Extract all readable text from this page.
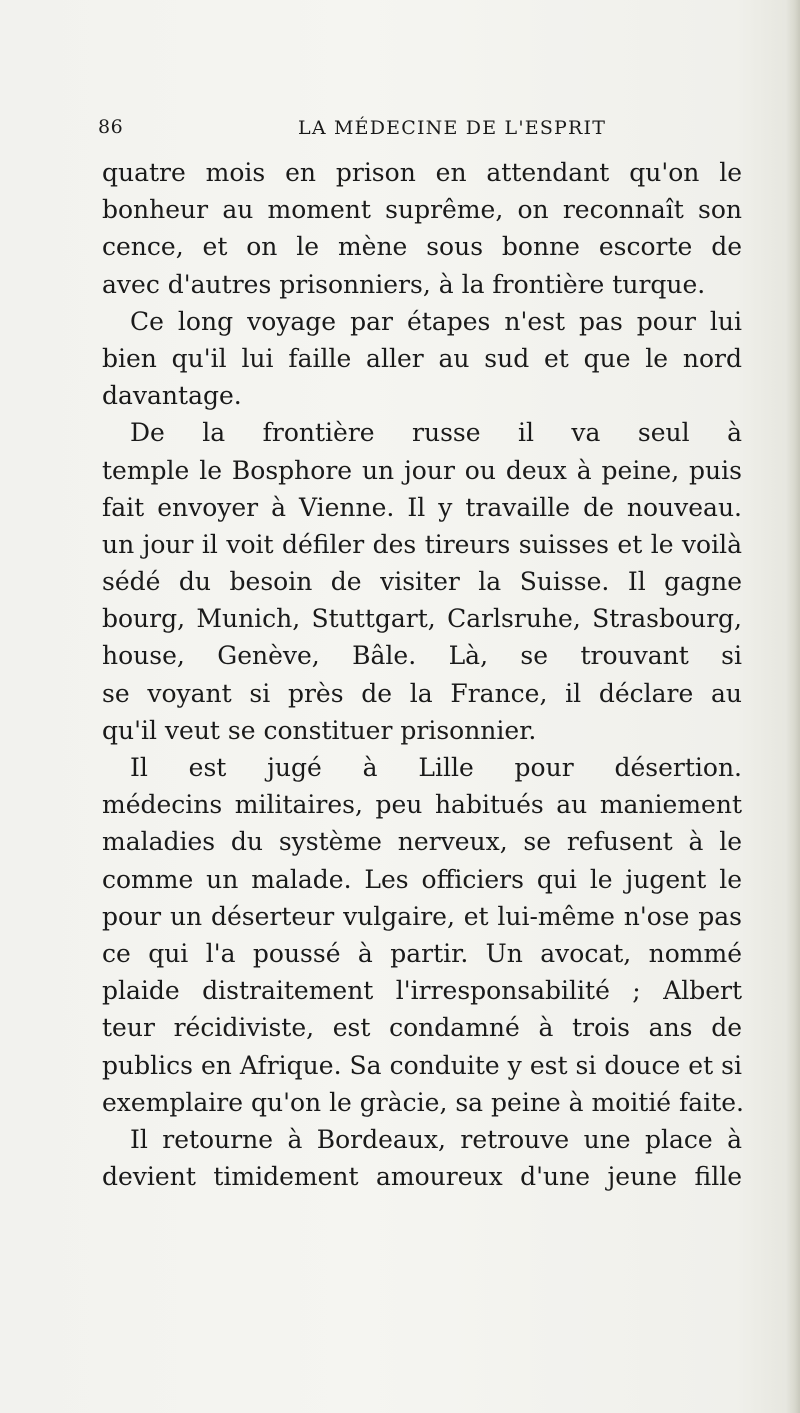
86	LA MÉDECINE DE L'ESPRIT
quatre mois en prison en attendant qu'on le
bonheur au moment suprême, on reconnaît son
cence, et on le mène sous bonne escorte de
avec d'autres prisonniers, à la frontière turque.
Ce long voyage par étapes n'est pas pour lui
bien qu'il lui faille aller au sud et que le nord
davantage.
De la frontière russe il va seul à
temple le Bosphore un jour ou deux à peine, puis
fait envoyer à Vienne. Il y travaille de nouveau.
un jour il voit défiler des tireurs suisses et le voilà
sédé du besoin de visiter la Suisse. Il gagne
bourg, Munich, Stuttgart, Carlsruhe, Strasbourg,
house, Genève, Bâle. Là, se trouvant si
se voyant si près de la France, il déclare au
qu'il veut se constituer prisonnier.
Il est jugé à Lille pour désertion.
médecins militaires, peu habitués au maniement
maladies du système nerveux, se refusent à le
comme un malade. Les officiers qui le jugent le
pour un déserteur vulgaire, et lui-même n'ose pas
ce qui l'a poussé à partir. Un avocat, nommé
plaide distraitement l'irresponsabilité ; Albert
teur récidiviste, est condamné à trois ans de
publics en Afrique. Sa conduite y est si douce et si
exemplaire qu'on le gràcie, sa peine à moitié faite.
Il retourne à Bordeaux, retrouve une place à
devient timidement amoureux d'une jeune fille
